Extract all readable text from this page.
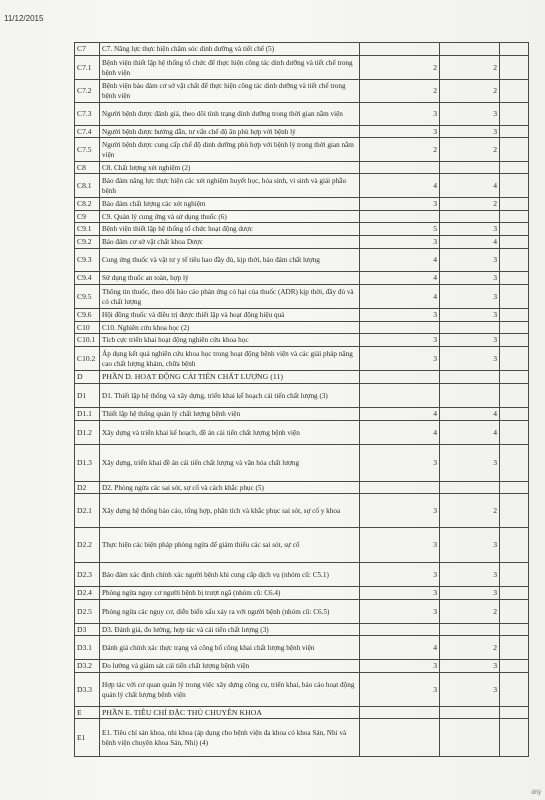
11/12/2015
C7	C7. Nâng lực thực hiện chăm sóc dinh dưỡng và tiết chế (5)			
C7.1	Bệnh viện thiết lập hệ thống tổ chức để thực hiện công tác dinh dưỡng và tiết chế trong bệnh viện	2	2	
C7.2	Bệnh viện bảo đảm cơ sở vật chất để thực hiện công tác dinh dưỡng và tiết chế trong bệnh viện	2	2	
C7.3	Người bệnh được đánh giá, theo dõi tình trạng dinh dưỡng trong thời gian nằm viện	3	3	
C7.4	Người bệnh được hướng dẫn, tư vấn chế độ ăn phù hợp với bệnh lý	3	3	
C7.5	Người bệnh được cung cấp chế độ dinh dưỡng phù hợp với bệnh lý trong thời gian nằm viện	2	2	
C8	C8. Chất lượng xét nghiệm (2)			
C8.1	Bảo đảm năng lực thực hiện các xét nghiệm huyết học, hóa sinh, vi sinh và giải phẫu bệnh	4	4	
C8.2	Bảo đảm chất lượng các xét nghiệm	3	2	
C9	C9. Quản lý cung ứng và sử dụng thuốc (6)			
C9.1	Bệnh viện thiết lập hệ thống tổ chức hoạt động dược	5	3	
C9.2	Bảo đảm cơ sở vật chất khoa Dược	3	4	
C9.3	Cung ứng thuốc và vật tư y tế tiêu hao đầy đủ, kịp thời, bảo đảm chất lượng	4	3	
C9.4	Sử dụng thuốc an toàn, hợp lý	4	3	
C9.5	Thông tin thuốc, theo dõi báo cáo phản ứng có hại của thuốc (ADR) kịp thời, đầy đủ và có chất lượng	4	3	
C9.6	Hội đồng thuốc và điều trị được thiết lập và hoạt động hiệu quả	3	3	
C10	C10. Nghiên cứu khoa học (2)			
C10.1	Tích cực triển khai hoạt động nghiên cứu khoa học	3	3	
C10.2	Áp dụng kết quả nghiên cứu khoa học trong hoạt động bệnh viện và các giải pháp nâng cao chất lượng khám, chữa bệnh	3	3	
D	PHẦN D. HOẠT ĐỘNG CẢI TIẾN CHẤT LƯỢNG (11)			
D1	D1. Thiết lập hệ thống và xây dựng, triển khai kế hoạch cải tiến chất lượng (3)			
D1.1	Thiết lập hệ thống quản lý chất lượng bệnh viện	4	4	
D1.2	Xây dựng và triển khai kế hoạch, đề án cải tiến chất lượng bệnh viện	4	4	
D1.3	Xây dựng, triển khai đề án cải tiến chất lượng và văn hóa chất lượng	3	3	
D2	D2. Phòng ngừa các sai sót, sự cố và cách khắc phục (5)			
D2.1	Xây dựng hệ thống báo cáo, tổng hợp, phân tích và khắc phục sai sót, sự cố y khoa	3	2	
D2.2	Thực hiện các biện pháp phòng ngừa để giảm thiểu các sai sót, sự cố	3	3	
D2.3	Bảo đảm xác định chính xác người bệnh khi cung cấp dịch vụ (nhóm cũ: C5.1)	3	3	
D2.4	Phòng ngừa nguy cơ người bệnh bị trượt ngã (nhóm cũ: C6.4)	3	3	
D2.5	Phòng ngừa các nguy cơ, diễn biến xấu xảy ra với người bệnh (nhóm cũ: C6.5)	3	2	
D3	D3. Đánh giá, đo lường, hợp tác và cải tiến chất lượng (3)			
D3.1	Đánh giá chính xác thực trạng và công bố công khai chất lượng bệnh viện	4	2	
D3.2	Đo lường và giám sát cải tiến chất lượng bệnh viện	3	3	
D3.3	Hợp tác với cơ quan quản lý trong việc xây dựng công cụ, triển khai, báo cáo hoạt động quản lý chất lượng bệnh viện	3	3	
E	PHẦN E. TIÊU CHÍ ĐẶC THÙ CHUYÊN KHOA			
E1	E1. Tiêu chí sản khoa, nhi khoa (áp dụng cho bệnh viện đa khoa có khoa Sản, Nhi và bệnh viện chuyên khoa Sản, Nhi) (4)			
d/tý
